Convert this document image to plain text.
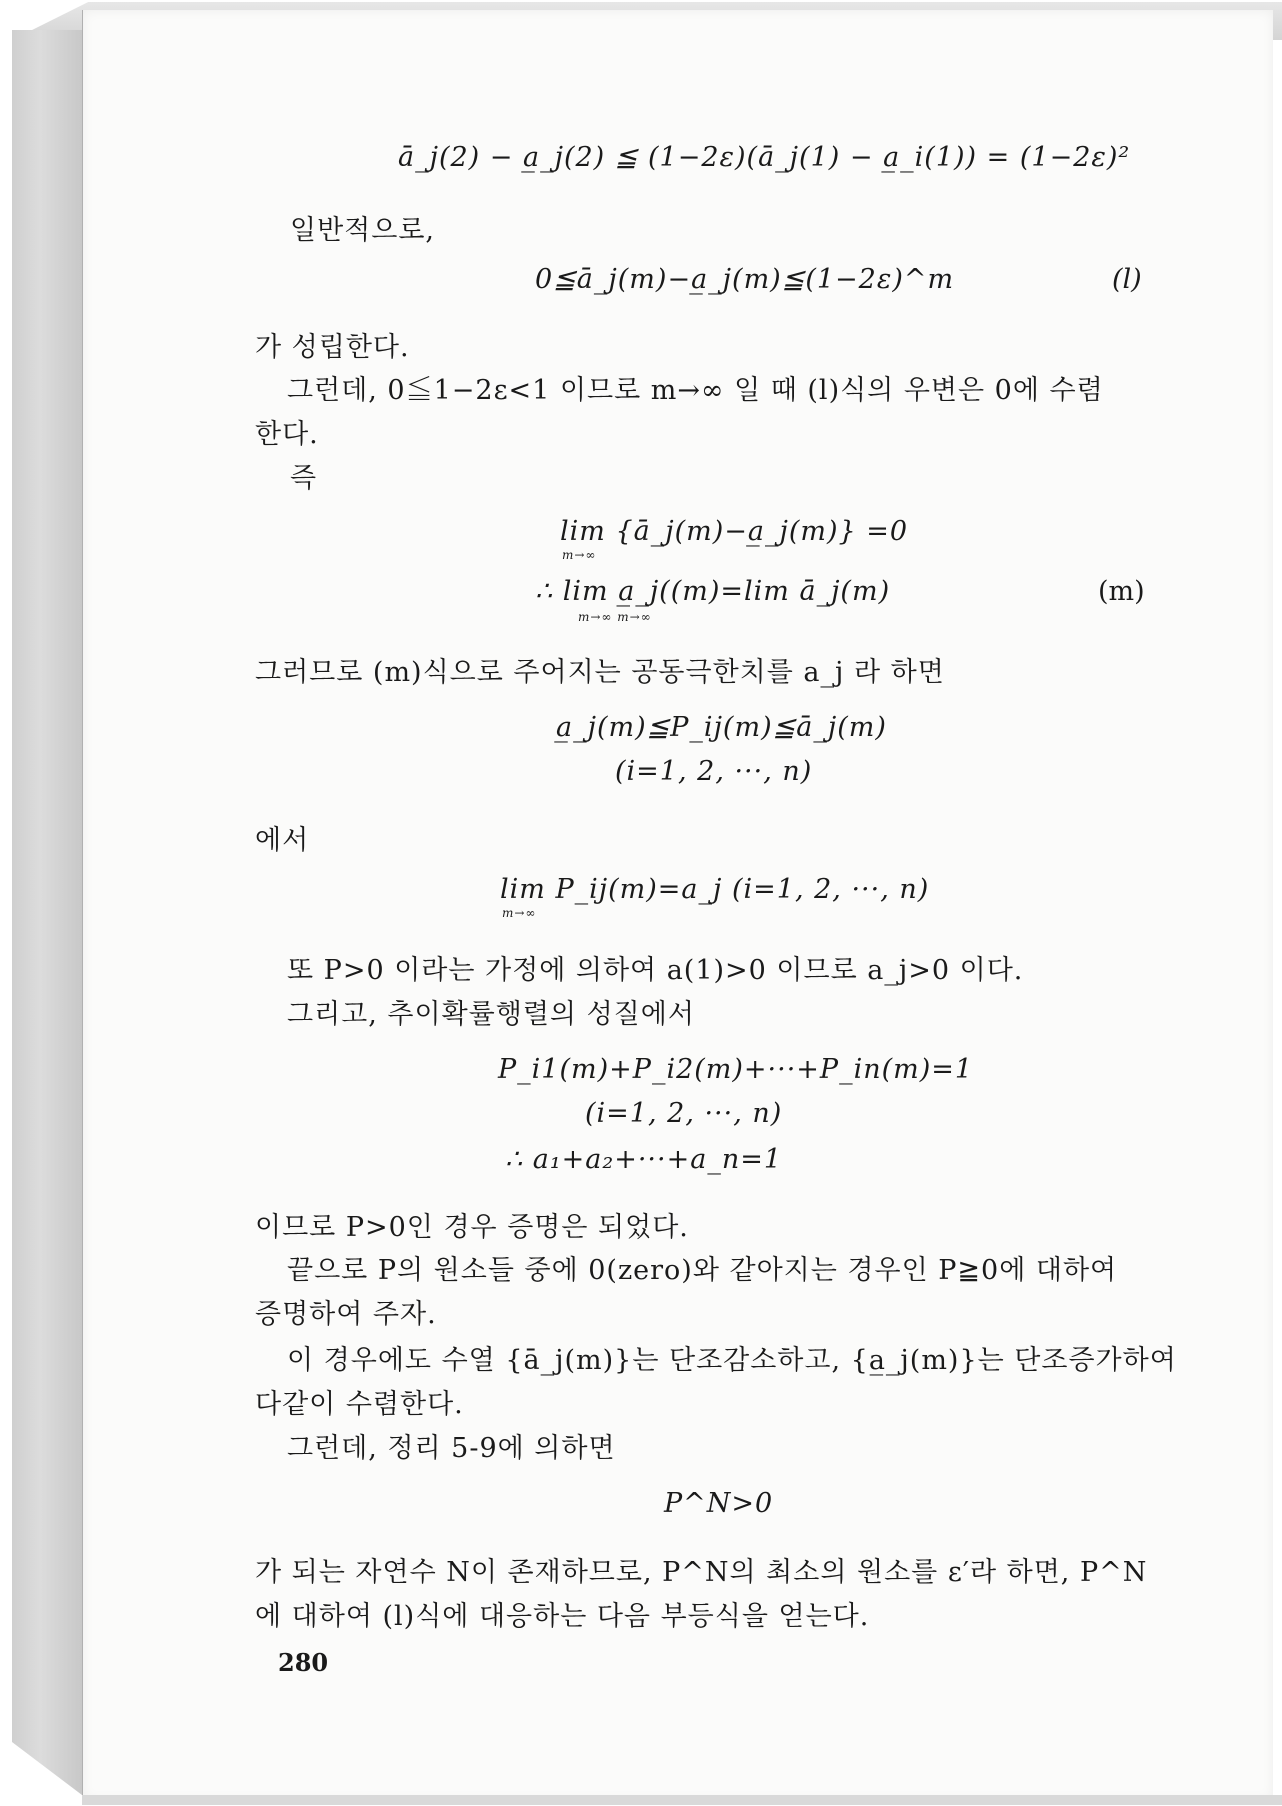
ā_j(2) − a̲_j(2) ≦ (1−2ε)(ā_j(1) − a̲_i(1)) = (1−2ε)²
일반적으로,
0≦ā_j(m)−a̲_j(m)≦(1−2ε)^m	(l)
가 성립한다.
그런데, 0≦1−2ε<1 이므로 m→∞ 일 때 (l)식의 우변은 0에 수렴
한다.
즉
lim {ā_j(m)−a̲_j(m)} =0
m→∞
∴ lim a̲_j((m)=lim ā_j(m)
m→∞ m→∞
(m)
그러므로 (m)식으로 주어지는 공동극한치를 a_j 라 하면
a̲_j(m)≦P_ij(m)≦ā_j(m)
(i=1, 2, ···, n)
에서
lim P_ij(m)=a_j (i=1, 2, ···, n)
m→∞
또 P>0 이라는 가정에 의하여 a(1)>0 이므로 a_j>0 이다.
그리고, 추이확률행렬의 성질에서
P_i1(m)+P_i2(m)+···+P_in(m)=1
(i=1, 2, ···, n)
∴ a₁+a₂+···+a_n=1
이므로 P>0인 경우 증명은 되었다.
끝으로 P의 원소들 중에 0(zero)와 같아지는 경우인 P≧0에 대하여
증명하여 주자.
이 경우에도 수열 {ā_j(m)}는 단조감소하고, {a̲_j(m)}는 단조증가하여
다같이 수렴한다.
그런데, 정리 5-9에 의하면
P^N>0
가 되는 자연수 N이 존재하므로, P^N의 최소의 원소를 ε′라 하면, P^N
에 대하여 (l)식에 대응하는 다음 부등식을 얻는다.
280
